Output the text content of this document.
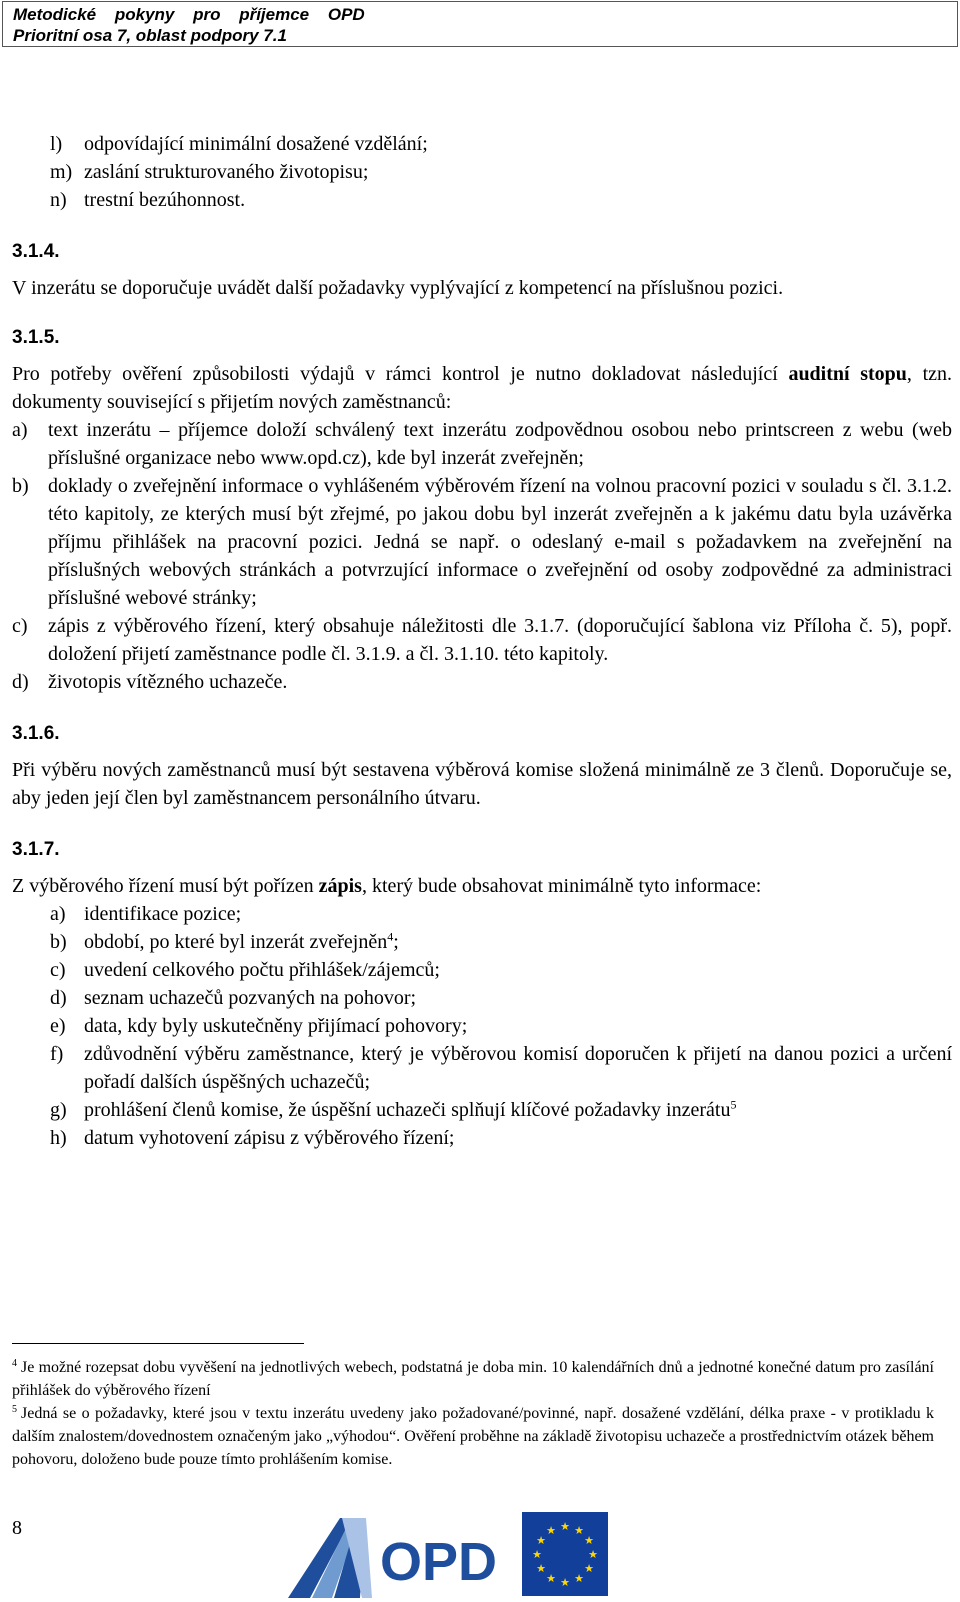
Metodické pokyny pro příjemce OPD
Prioritní osa 7, oblast podpory 7.1
l) odpovídající minimální dosažené vzdělání;
m) zaslání strukturovaného životopisu;
n) trestní bezúhonnost.
3.1.4.
V inzerátu se doporučuje uvádět další požadavky vyplývající z kompetencí na příslušnou pozici.
3.1.5.
Pro potřeby ověření způsobilosti výdajů v rámci kontrol je nutno dokladovat následující auditní stopu, tzn. dokumenty související s přijetím nových zaměstnanců:
a) text inzerátu – příjemce doloží schválený text inzerátu zodpovědnou osobou nebo printscreen z webu (web příslušné organizace nebo www.opd.cz), kde byl inzerát zveřejněn;
b) doklady o zveřejnění informace o vyhlášeném výběrovém řízení na volnou pracovní pozici v souladu s čl. 3.1.2. této kapitoly, ze kterých musí být zřejmé, po jakou dobu byl inzerát zveřejněn a k jakému datu byla uzávěrka příjmu přihlášek na pracovní pozici. Jedná se např. o odeslaný e-mail s požadavkem na zveřejnění na příslušných webových stránkách a potvrzující informace o zveřejnění od osoby zodpovědné za administraci příslušné webové stránky;
c) zápis z výběrového řízení, který obsahuje náležitosti dle 3.1.7. (doporučující šablona viz Příloha č. 5), popř. doložení přijetí zaměstnance podle čl. 3.1.9. a čl. 3.1.10. této kapitoly.
d) životopis vítězného uchazeče.
3.1.6.
Při výběru nových zaměstnanců musí být sestavena výběrová komise složená minimálně ze 3 členů. Doporučuje se, aby jeden její člen byl zaměstnancem personálního útvaru.
3.1.7.
Z výběrového řízení musí být pořízen zápis, který bude obsahovat minimálně tyto informace:
a) identifikace pozice;
b) období, po které byl inzerát zveřejněn$^4$;
c) uvedení celkového počtu přihlášek/zájemců;
d) seznam uchazečů pozvaných na pohovor;
e) data, kdy byly uskutečněny přijímací pohovory;
f) zdůvodnění výběru zaměstnance, který je výběrovou komisí doporučen k přijetí na danou pozici a určení pořadí dalších úspěšných uchazečů;
g) prohlášení členů komise, že úspěšní uchazeči splňují klíčové požadavky inzerátu$^5$
h) datum vyhotovení zápisu z výběrového řízení;
$^4$ Je možné rozepsat dobu vyvěšení na jednotlivých webech, podstatná je doba min. 10 kalendářních dnů a jednotné konečné datum pro zasílání přihlášek do výběrového řízení
$^5$ Jedná se o požadavky, které jsou v textu inzerátu uvedeny jako požadované/povinné, např. dosažené vzdělání, délka praxe - v protikladu k dalším znalostem/dovednostem označeným jako „výhodou“. Ověření proběhne na základě životopisu uchazeče a prostřednictvím otázek během pohovoru, doloženo bude pouze tímto prohlášením komise.
8
OPD
★ ★
★
★
★
★
★
★
★
★
★
★
